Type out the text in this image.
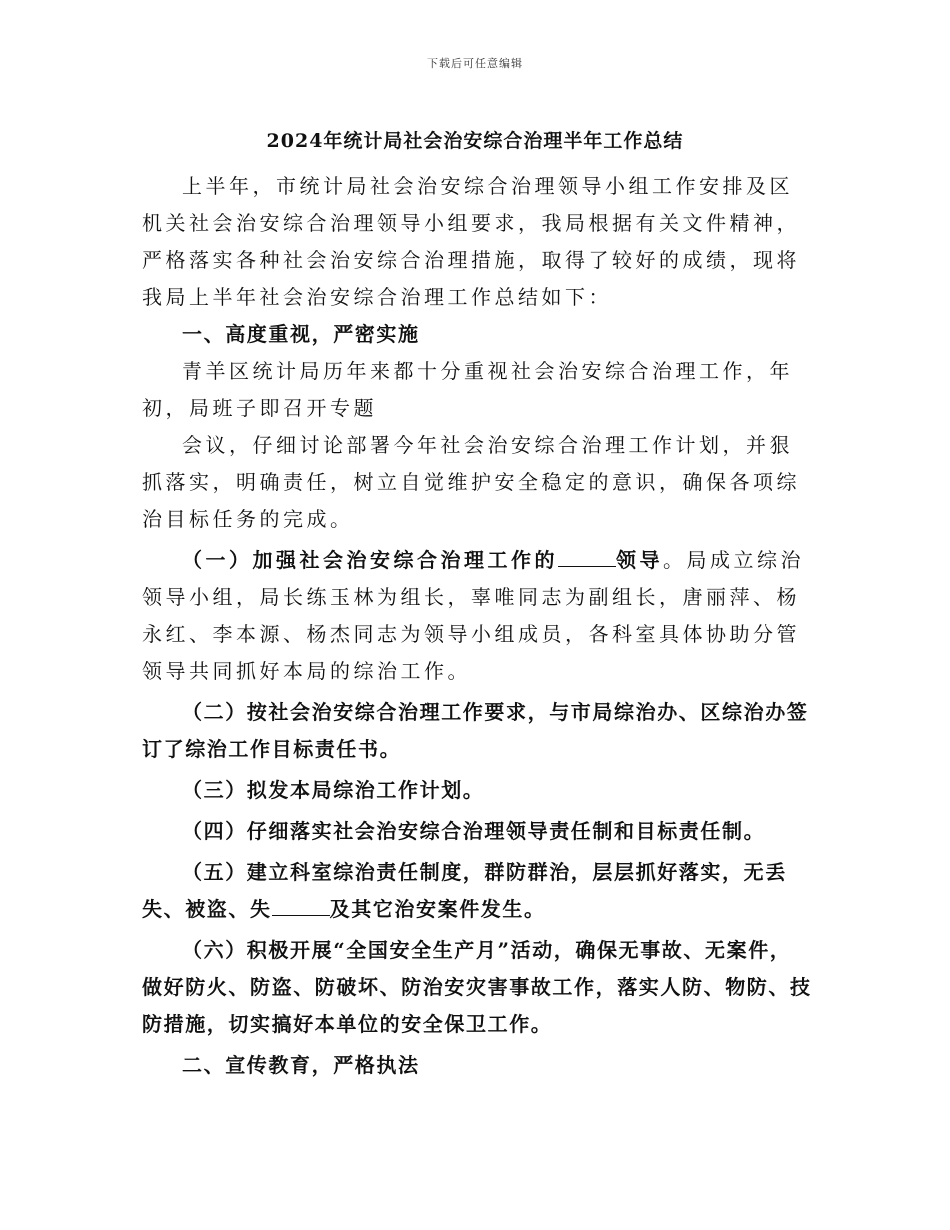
下载后可任意编辑
2024年统计局社会治安综合治理半年工作总结

上半年，市统计局社会治安综合治理领导小组工作安排及区机关社会治安综合治理领导小组要求，我局根据有关文件精神，严格落实各种社会治安综合治理措施，取得了较好的成绩，现将我局上半年社会治安综合治理工作总结如下：

一、高度重视，严密实施

青羊区统计局历年来都十分重视社会治安综合治理工作，年初，局班子即召开专题

会议，仔细讨论部署今年社会治安综合治理工作计划，并狠抓落实，明确责任，树立自觉维护安全稳定的意识，确保各项综治目标任务的完成。

（一）加强社会治安综合治理工作的	领导。局成立综治领导小组，局长练玉林为组长，辜唯同志为副组长，唐丽萍、杨永红、李本源、杨杰同志为领导小组成员，各科室具体协助分管领导共同抓好本局的综治工作。

（二）按社会治安综合治理工作要求，与市局综治办、区综治办签订了综治工作目标责任书。

（三）拟发本局综治工作计划。

（四）仔细落实社会治安综合治理领导责任制和目标责任制。

（五）建立科室综治责任制度，群防群治，层层抓好落实，无丢失、被盗、失	及其它治安案件发生。

（六）积极开展“全国安全生产月”活动，确保无事故、无案件，做好防火、防盗、防破坏、防治安灾害事故工作，落实人防、物防、技防措施，切实搞好本单位的安全保卫工作。

二、宣传教育，严格执法
